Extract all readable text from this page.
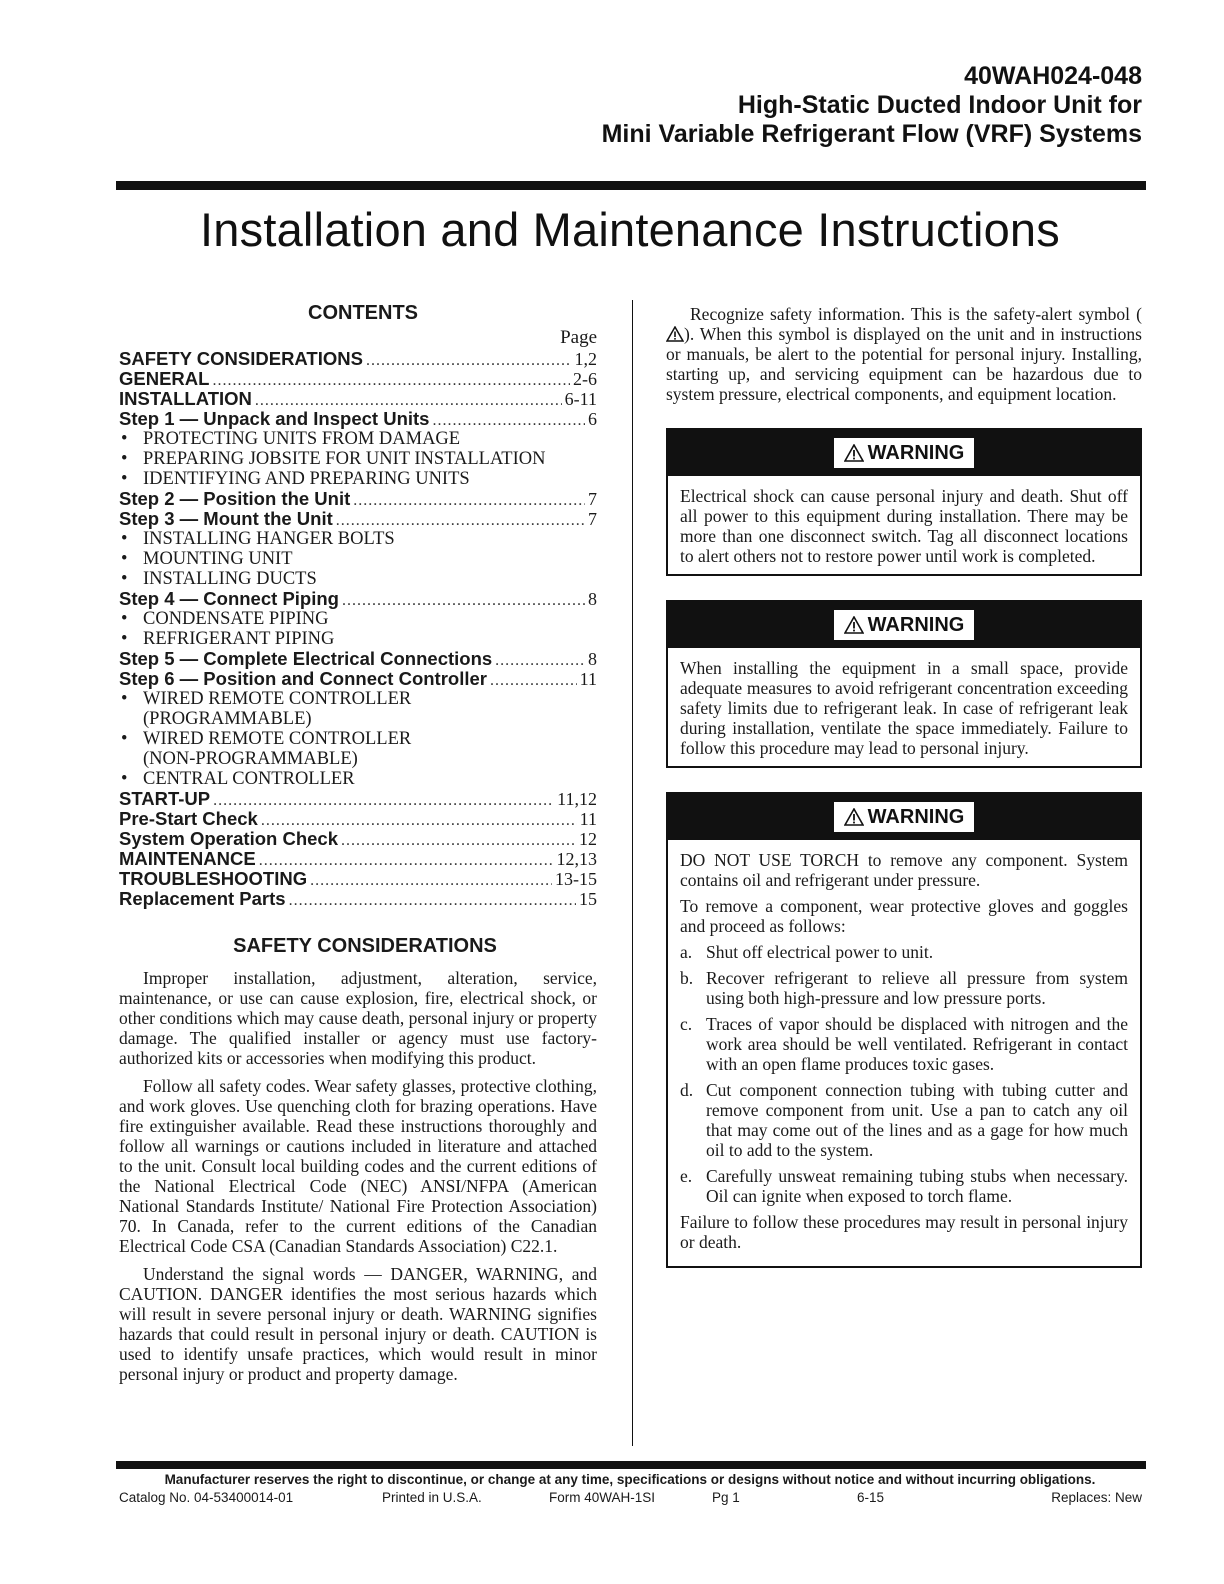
40WAH024-048
High-Static Ducted Indoor Unit for
Mini Variable Refrigerant Flow (VRF) Systems
Installation and Maintenance Instructions
CONTENTS
Page
SAFETY CONSIDERATIONS .....	1,2
GENERAL .....	2-6
INSTALLATION .....	6-11
Step 1 — Unpack and Inspect Units .....	6
• PROTECTING UNITS FROM DAMAGE
• PREPARING JOBSITE FOR UNIT INSTALLATION
• IDENTIFYING AND PREPARING UNITS
Step 2 — Position the Unit .....	7
Step 3 — Mount the Unit .....	7
• INSTALLING HANGER BOLTS
• MOUNTING UNIT
• INSTALLING DUCTS
Step 4 — Connect Piping .....	8
• CONDENSATE PIPING
• REFRIGERANT PIPING
Step 5 — Complete Electrical Connections .....	8
Step 6 — Position and Connect Controller .....	11
• WIRED REMOTE CONTROLLER
(PROGRAMMABLE)
• WIRED REMOTE CONTROLLER
(NON-PROGRAMMABLE)
• CENTRAL CONTROLLER
START-UP .....	11,12
Pre-Start Check .....	11
System Operation Check .....	12
MAINTENANCE .....	12,13
TROUBLESHOOTING .....	13-15
Replacement Parts .....	15
SAFETY CONSIDERATIONS

Improper installation, adjustment, alteration, service, maintenance, or use can cause explosion, fire, electrical shock, or other conditions which may cause death, personal injury or property damage. The qualified installer or agency must use factory-authorized kits or accessories when modifying this product.

Follow all safety codes. Wear safety glasses, protective clothing, and work gloves. Use quenching cloth for brazing operations. Have fire extinguisher available. Read these instructions thoroughly and follow all warnings or cautions included in literature and attached to the unit. Consult local building codes and the current editions of the National Electrical Code (NEC) ANSI/NFPA (American National Standards Institute/ National Fire Protection Association) 70. In Canada, refer to the current editions of the Canadian Electrical Code CSA (Canadian Standards Association) C22.1.

Understand the signal words — DANGER, WARNING, and CAUTION. DANGER identifies the most serious hazards which will result in severe personal injury or death. WARNING signifies hazards that could result in personal injury or death. CAUTION is used to identify unsafe practices, which would result in minor personal injury or product and property damage.

Recognize safety information. This is the safety-alert symbol (). When this symbol is displayed on the unit and in instructions or manuals, be alert to the potential for personal injury. Installing, starting up, and servicing equipment can be hazardous due to system pressure, electrical components, and equipment location.

WARNING
Electrical shock can cause personal injury and death. Shut off all power to this equipment during installation. There may be more than one disconnect switch. Tag all disconnect locations to alert others not to restore power until work is completed.
WARNING
When installing the equipment in a small space, provide adequate measures to avoid refrigerant concentration exceeding safety limits due to refrigerant leak. In case of refrigerant leak during installation, ventilate the space immediately. Failure to follow this procedure may lead to personal injury.
WARNING

DO NOT USE TORCH to remove any component. System contains oil and refrigerant under pressure.

To remove a component, wear protective gloves and goggles and proceed as follows:

a. Shut off electrical power to unit.
b. Recover refrigerant to relieve all pressure from system using both high-pressure and low pressure ports.
c. Traces of vapor should be displaced with nitrogen and the work area should be well ventilated. Refrigerant in contact with an open flame produces toxic gases.
d. Cut component connection tubing with tubing cutter and remove component from unit. Use a pan to catch any oil that may come out of the lines and as a gage for how much oil to add to the system.
e. Carefully unsweat remaining tubing stubs when necessary. Oil can ignite when exposed to torch flame.

Failure to follow these procedures may result in personal injury or death.

Manufacturer reserves the right to discontinue, or change at any time, specifications or designs without notice and without incurring obligations.
Catalog No. 04-53400014-01	Printed in U.S.A.	Form 40WAH-1SI	Pg 1	6-15	Replaces: New
